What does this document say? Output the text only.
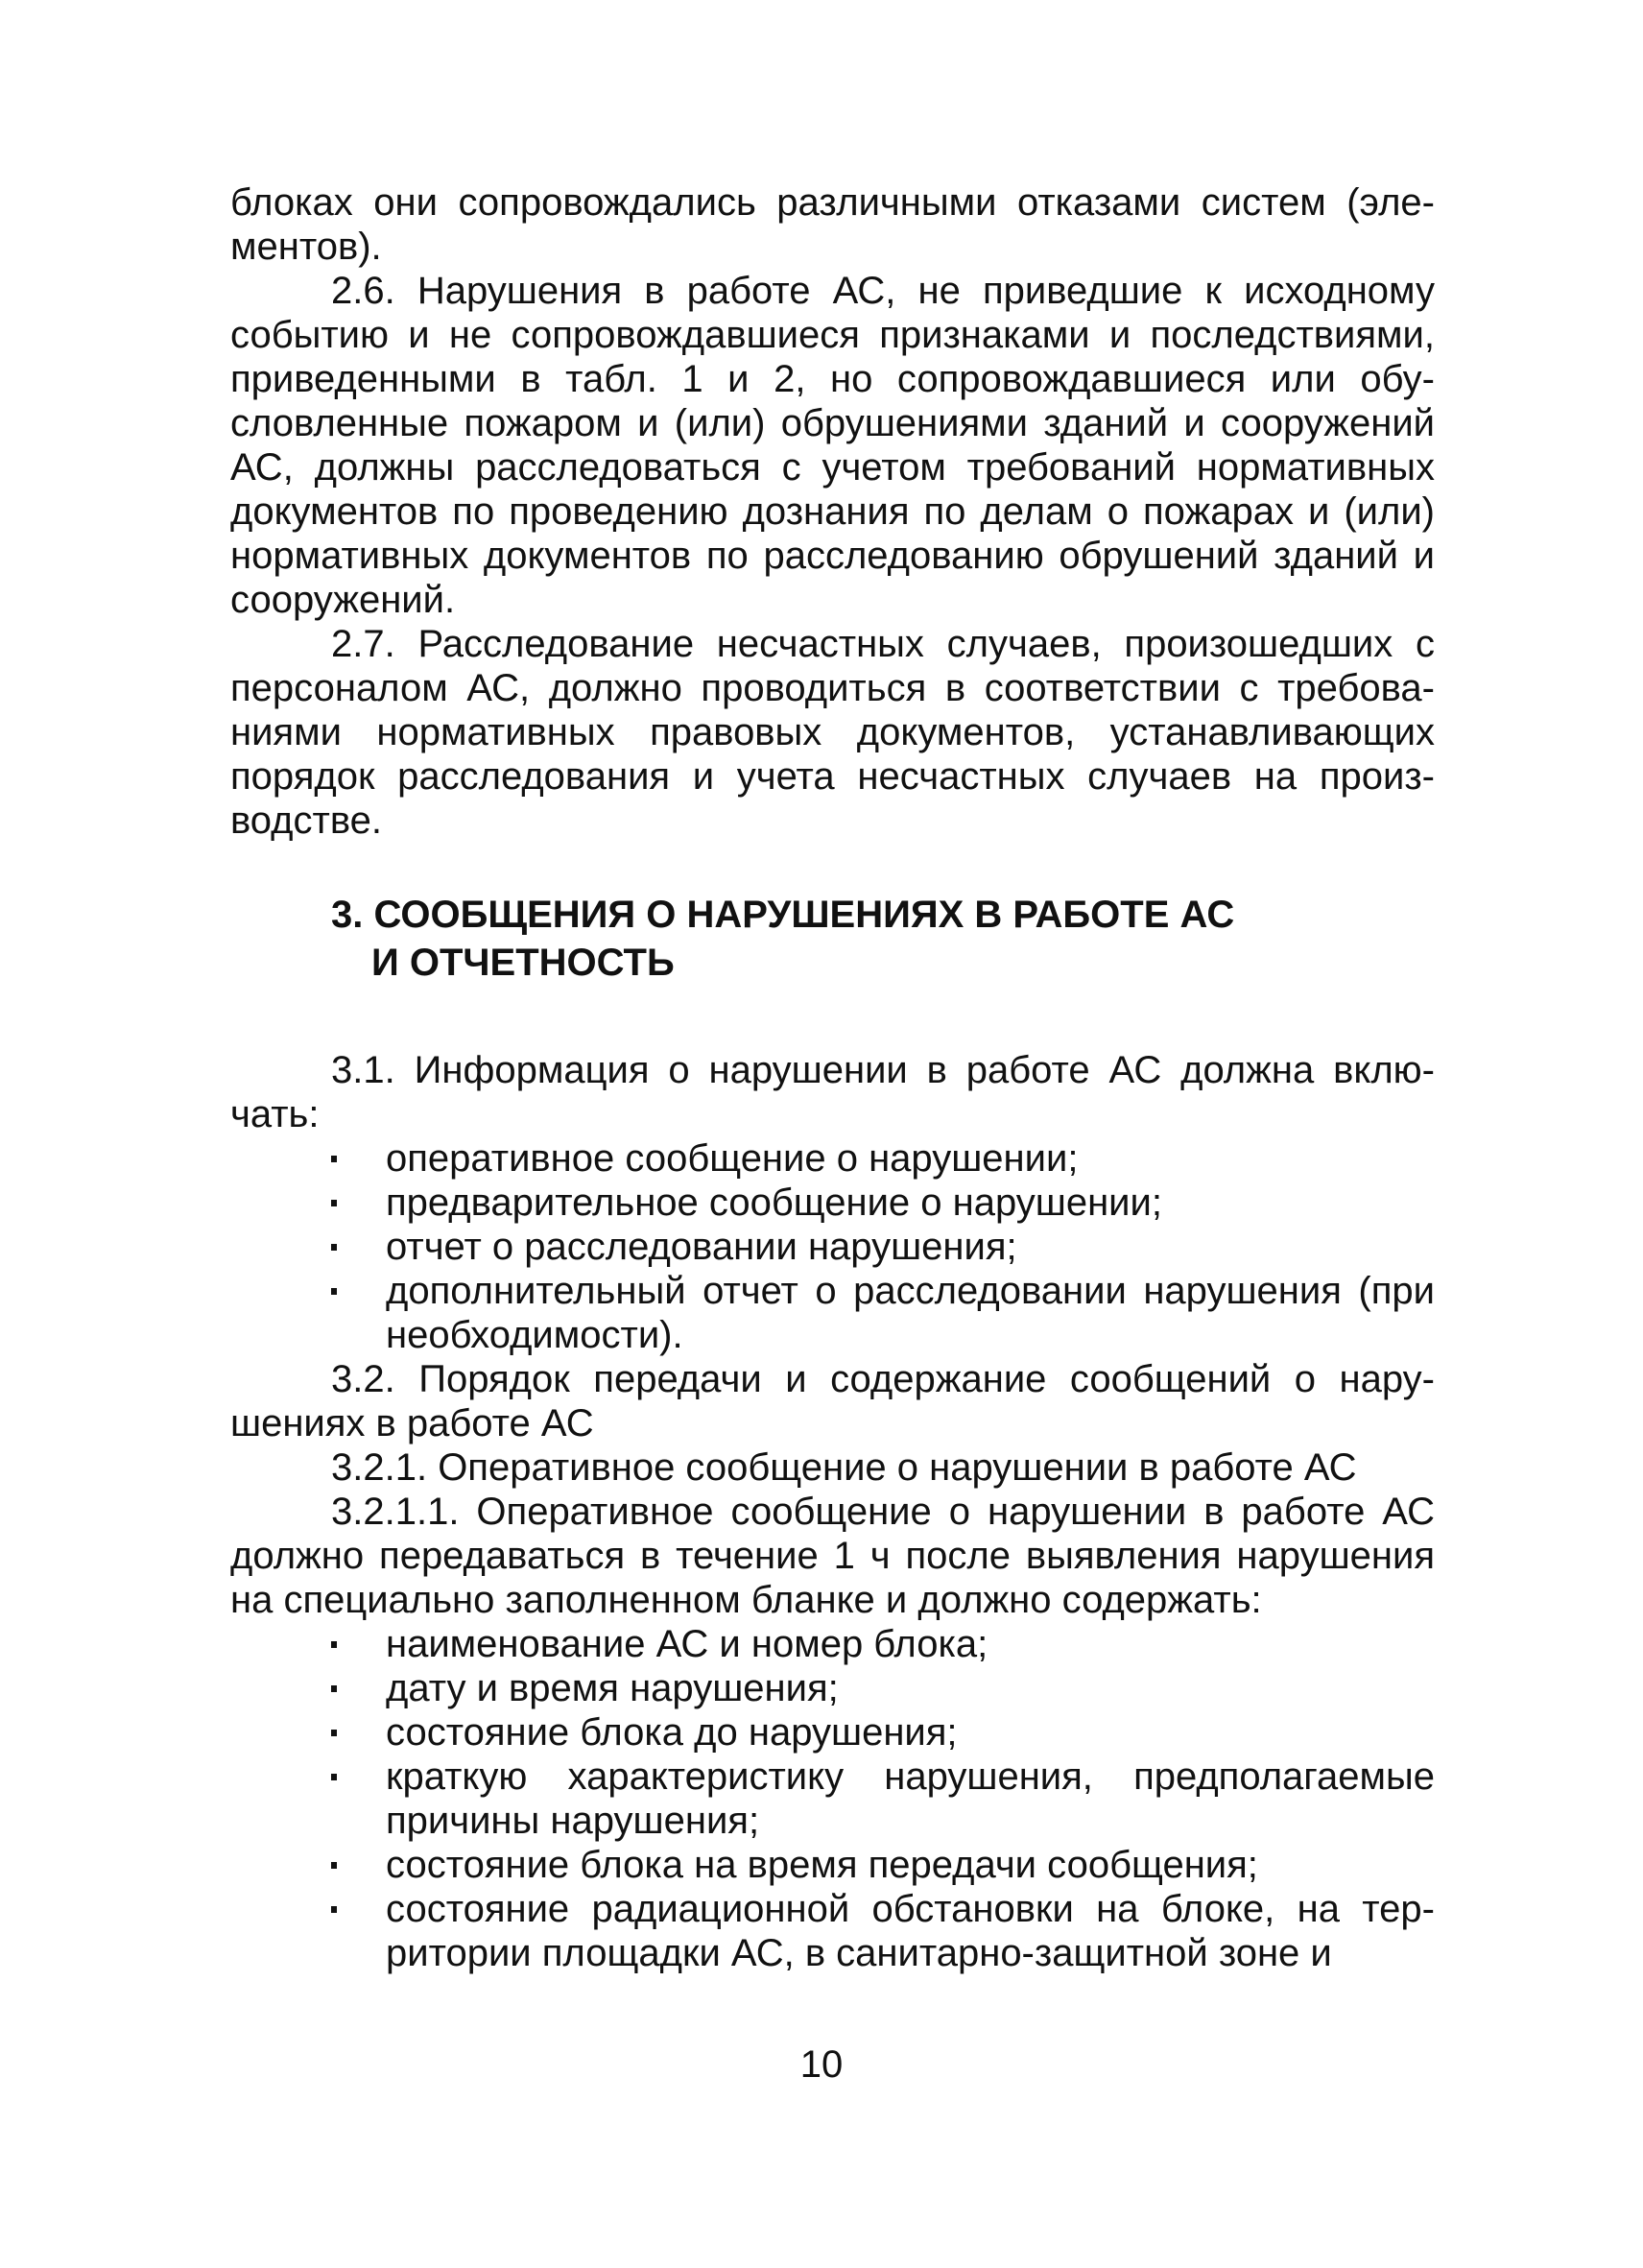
блоках они сопровождались различными отказами систем (элементов).

2.6. Нарушения в работе АС, не приведшие к исходному событию и не сопровождавшиеся признаками и последствиями, приведенными в табл. 1 и 2, но сопровождавшиеся или обусловленные пожаром и (или) обрушениями зданий и сооружений АС, должны расследоваться с учетом требований нормативных документов по проведению дознания по делам о пожарах и (или) нормативных документов по расследованию обрушений зданий и сооружений.

2.7. Расследование несчастных случаев, произошедших с персоналом АС, должно проводиться в соответствии с требованиями нормативных правовых документов, устанавливающих порядок расследования и учета несчастных случаев на производстве.

3. СООБЩЕНИЯ О НАРУШЕНИЯХ В РАБОТЕ АС
И ОТЧЕТНОСТЬ

3.1. Информация о нарушении в работе АС должна включать:

оперативное сообщение о нарушении;
предварительное сообщение о нарушении;
отчет о расследовании нарушения;
дополнительный отчет о расследовании нарушения (при необходимости).

3.2. Порядок передачи и содержание сообщений о нарушениях в работе АС

3.2.1. Оперативное сообщение о нарушении в работе АС

3.2.1.1. Оперативное сообщение о нарушении в работе АС должно передаваться в течение 1 ч после выявления нарушения на специально заполненном бланке и должно содержать:

наименование АС и номер блока;
дату и время нарушения;
состояние блока до нарушения;
краткую характеристику нарушения, предполагаемые причины нарушения;
состояние блока на время передачи сообщения;
состояние радиационной обстановки на блоке, на территории площадки АС, в санитарно-защитной зоне и
10
